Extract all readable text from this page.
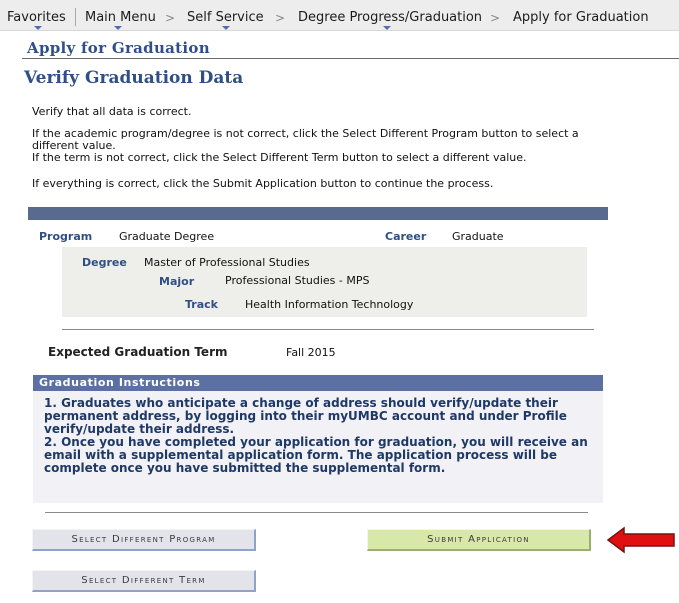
Favorites Main Menu > Self Service > Degree Progress/Graduation > Apply for Graduation
Apply for Graduation
Verify Graduation Data
Verify that all data is correct.
If the academic program/degree is not correct, click the Select Different Program button to select a different value.
If the term is not correct, click the Select Different Term button to select a different value.
If everything is correct, click the Submit Application button to continue the process.
Program Graduate Degree	Career Graduate
Degree Master of Professional Studies
Major	Professional Studies - MPS
Track Health Information Technology
Expected Graduation Term	Fall 2015
Graduation Instructions
1. Graduates who anticipate a change of address should verify/update their permanent address, by logging into their myUMBC account and under Profile
verify/update their address.
2. Once you have completed your application for graduation, you will receive an
email with a supplemental application form. The application process will be complete once you have submitted the supplemental form.
Select Different Program	Submit Application
Select Different Term
